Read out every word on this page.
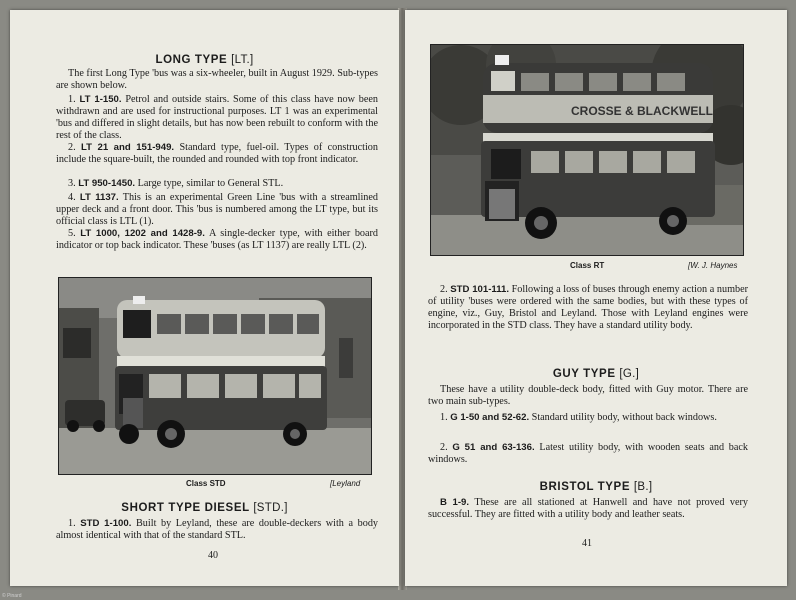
LONG TYPE [LT.]

The first Long Type 'bus was a six-wheeler, built in August 1929. Sub-types are shown below.

1. LT 1-150. Petrol and outside stairs. Some of this class have now been withdrawn and are used for instructional purposes. LT 1 was an experimental 'bus and differed in slight details, but has now been rebuilt to conform with the rest of the class.

2. LT 21 and 151-949. Standard type, fuel-oil. Types of construction include the square-built, the rounded and rounded with top front indicator.

3. LT 950-1450. Large type, similar to General STL.

4. LT 1137. This is an experimental Green Line 'bus with a streamlined upper deck and a front door. This 'bus is numbered among the LT type, but its official class is LTL (1).

5. LT 1000, 1202 and 1428-9. A single-decker type, with either board indicator or top back indicator. These 'buses (as LT 1137) are really LTL (2).

Class STD	[Leyland
SHORT TYPE DIESEL [STD.]

1. STD 1-100. Built by Leyland, these are double-deckers with a body almost identical with that of the standard STL.

40
CROSSE & BLACKWELL
Class RT	[W. J. Haynes

2. STD 101-111. Following a loss of buses through enemy action a number of utility 'buses were ordered with the same bodies, but with these types of engine, viz., Guy, Bristol and Leyland. Those with Leyland engines were incorporated in the STD class. They have a standard utility body.

GUY TYPE [G.]

These have a utility double-deck body, fitted with Guy motor. There are two main sub-types.

1. G 1-50 and 52-62. Standard utility body, without back windows.

2. G 51 and 63-136. Latest utility body, with wooden seats and back windows.

BRISTOL TYPE [B.]

B 1-9. These are all stationed at Hanwell and have not proved very successful. They are fitted with a utility body and leather seats.

41
© Pinard
